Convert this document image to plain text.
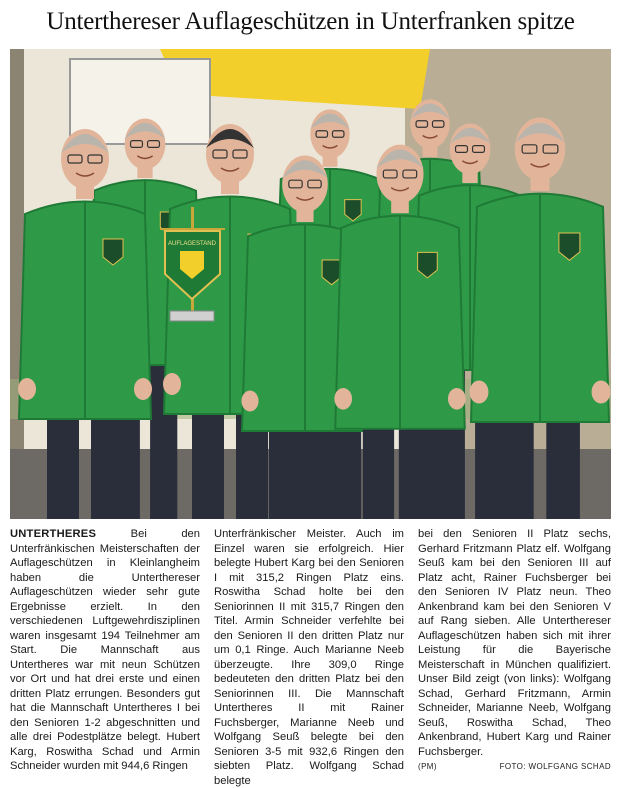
Unterthereser Auflageschützen in Unterfranken spitze
AUFLAGESTAND
UNTERTHERES Bei den Unterfränkischen Meisterschaften der Auflageschützen in Kleinlangheim haben die Unterthereser Auflageschützen wieder sehr gute Ergebnisse erzielt. In den verschiedenen Luftgewehrdisziplinen waren insgesamt 194 Teilnehmer am Start. Die Mannschaft aus Untertheres war mit neun Schützen vor Ort und hat drei erste und einen dritten Platz errungen. Besonders gut hat die Mannschaft Untertheres I bei den Senioren 1-2 abgeschnitten und alle drei Podestplätze belegt. Hubert Karg, Roswitha Schad und Armin Schneider wurden mit 944,6 Ringen
Unterfränkischer Meister. Auch im Einzel waren sie erfolgreich. Hier belegte Hubert Karg bei den Senioren I mit 315,2 Ringen Platz eins. Roswitha Schad holte bei den Seniorinnen II mit 315,7 Ringen den Titel. Armin Schneider verfehlte bei den Senioren II den dritten Platz nur um 0,1 Ringe. Auch Marianne Neeb überzeugte. Ihre 309,0 Ringe bedeuteten den dritten Platz bei den Seniorinnen III. Die Mannschaft Untertheres II mit Rainer Fuchsberger, Marianne Neeb und Wolfgang Seuß belegte bei den Senioren 3-5 mit 932,6 Ringen den siebten Platz. Wolfgang Schad belegte
bei den Senioren II Platz sechs, Gerhard Fritzmann Platz elf. Wolfgang Seuß kam bei den Senioren III auf Platz acht, Rainer Fuchsberger bei den Senioren IV Platz neun. Theo Ankenbrand kam bei den Senioren V auf Rang sieben. Alle Unterthereser Auflageschützen haben sich mit ihrer Leistung für die Bayerische Meisterschaft in München qualifiziert. Unser Bild zeigt (von links): Wolfgang Schad, Gerhard Fritzmann, Armin Schneider, Marianne Neeb, Wolfgang Seuß, Roswitha Schad, Theo Ankenbrand, Hubert Karg und Rainer Fuchsberger.
(PM)	FOTO: WOLFGANG SCHAD
